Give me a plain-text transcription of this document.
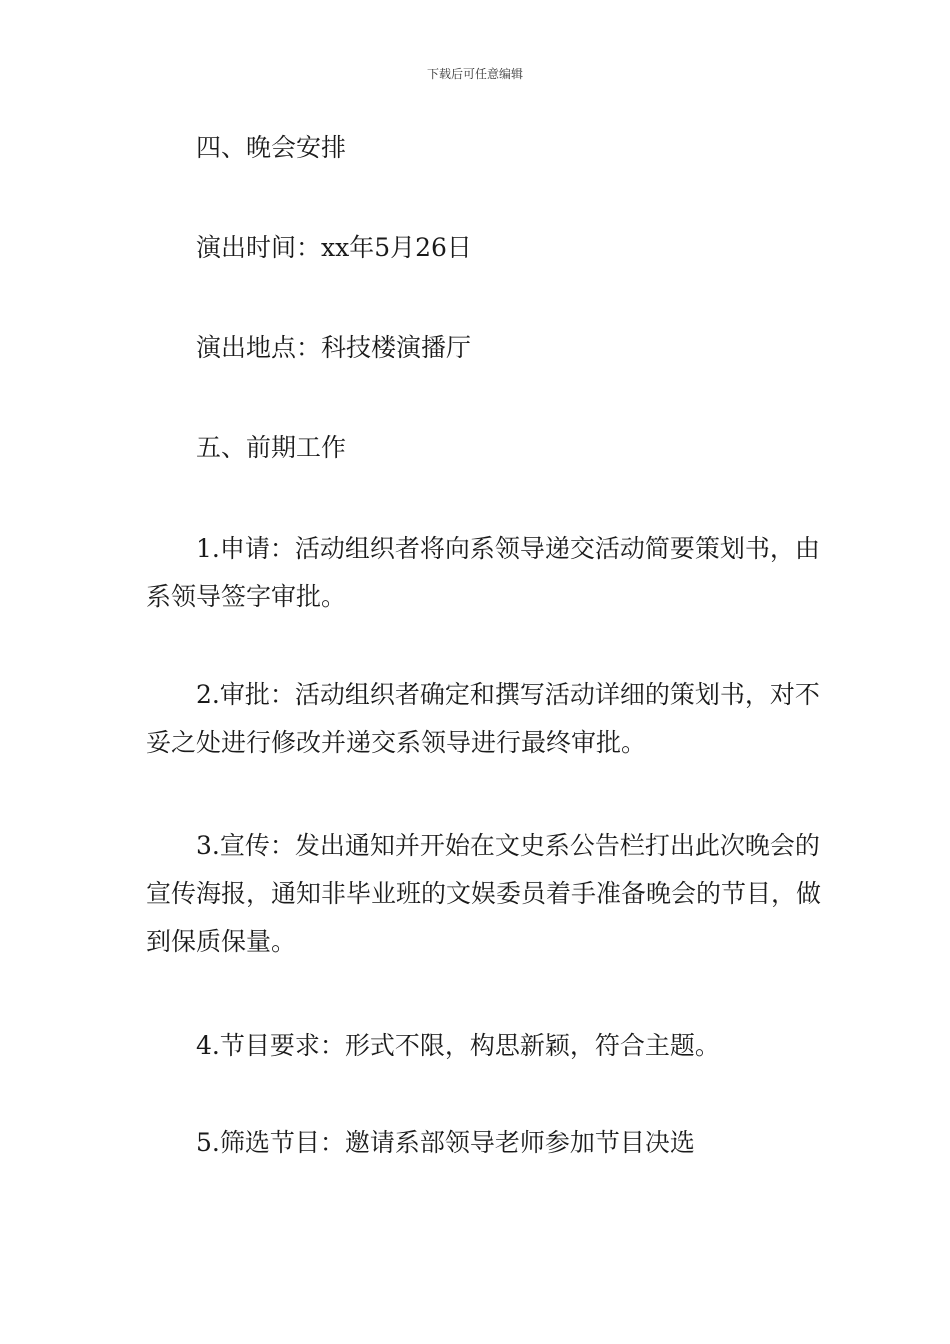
下载后可任意编辑

四、晚会安排

演出时间：xx年5月26日

演出地点：科技楼演播厅

五、前期工作

1.申请：活动组织者将向系领导递交活动简要策划书，由系领导签字审批。

2.审批：活动组织者确定和撰写活动详细的策划书，对不妥之处进行修改并递交系领导进行最终审批。

3.宣传：发出通知并开始在文史系公告栏打出此次晚会的宣传海报，通知非毕业班的文娱委员着手准备晚会的节目，做到保质保量。

4.节目要求：形式不限，构思新颖，符合主题。

5.筛选节目：邀请系部领导老师参加节目决选
